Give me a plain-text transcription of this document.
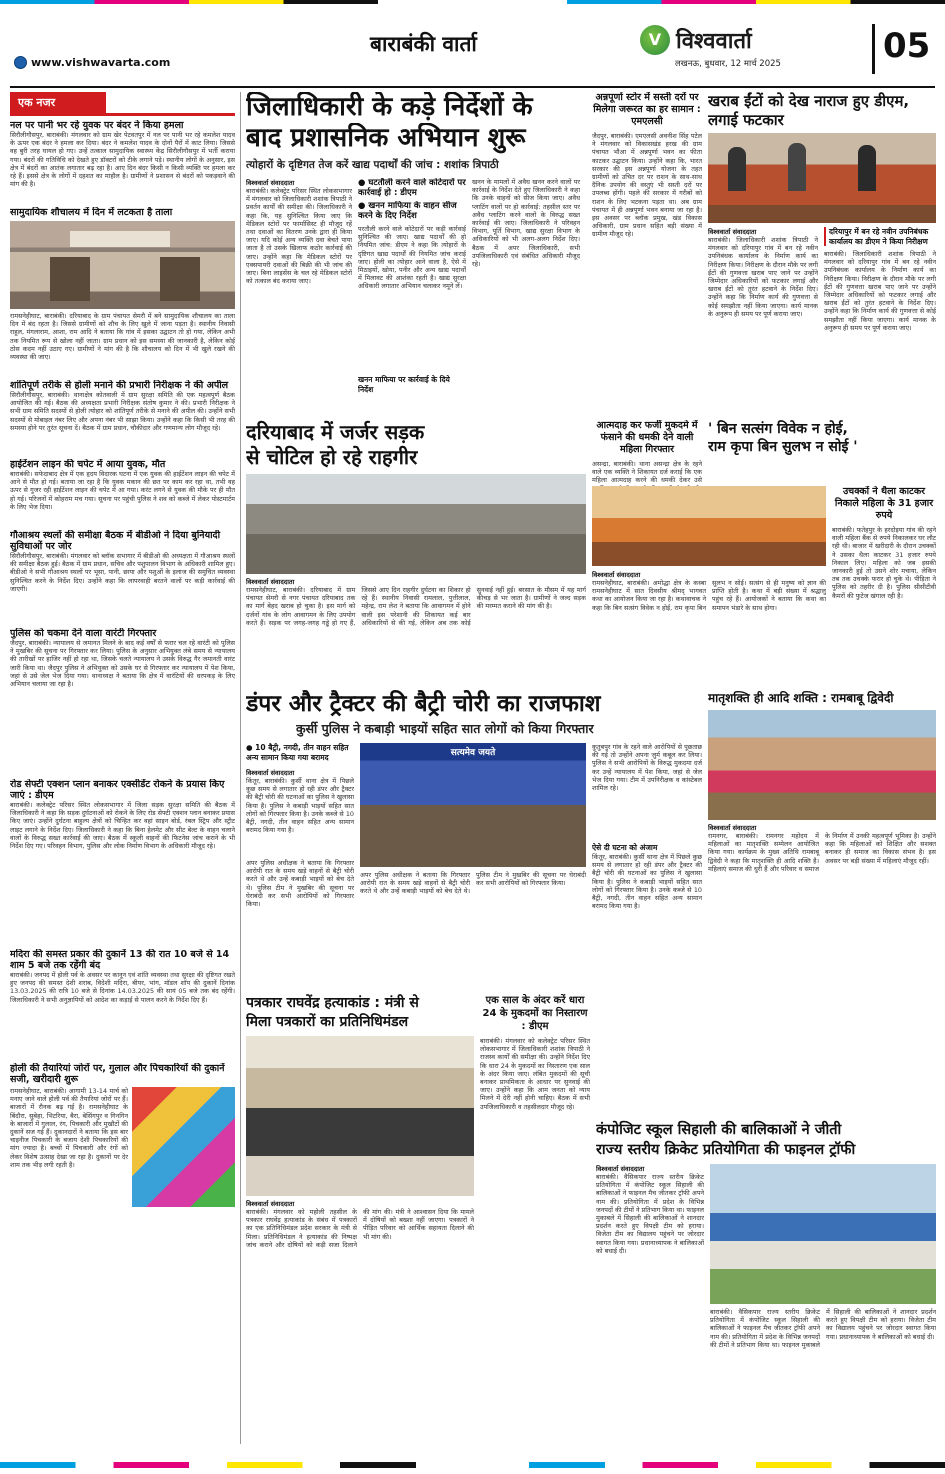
बाराबंकी वार्ता
www.vishwavarta.com
V विश्ववार्ता
लखनऊ, बुधवार, 12 मार्च 2025	05
एक नजर
नल पर पानी भर रहे युवक पर बंदर ने किया हमला
सिरौलीगौसपुर, बाराबंकी। मंगलवार को ग्राम खेर पेटवतपुर में नल पर पानी भर रहे कमलेश यादव के ऊपर एक बंदर ने हमला कर दिया। बंदर ने कमलेश यादव के दोनों पैरों में काट लिया। जिससे वह बुरी तरह घायल हो गए। उन्हें तत्काल सामुदायिक स्वास्थ्य केंद्र सिरौलीगौसपुर में भर्ती कराया गया। बंदरों की गतिविधि को देखते हुए डॉक्टरों को टीके लगाने पड़े। स्थानीय लोगों के अनुसार, इस क्षेत्र में बंदरों का आतंक लगातार बढ़ रहा है। आए दिन बंदर किसी न किसी व्यक्ति पर हमला कर रहे हैं। इससे क्षेत्र के लोगों में दहशत का माहौल है। ग्रामीणों ने प्रशासन से बंदरों को पकड़वाने की मांग की है।
सामुदायिक शौचालय में दिन में लटकता है ताला
रामसनेहीघाट, बाराबंकी। दरियाबाद के ग्राम पंचायत सेमरौ में बने सामुदायिक शौचालय का ताला दिन में बंद रहता है। जिससे ग्रामीणों को शौच के लिए खुले में जाना पड़ता है। स्थानीय निवासी राहुल, मंगलाराम, आशा, राम आदि ने बताया कि गांव में इसका उद्घाटन तो हो गया, लेकिन अभी तक नियमित रूप से खोला नहीं जाता। ग्राम प्रधान को इस समस्या की जानकारी है, लेकिन कोई ठोस कदम नहीं उठाए गए। ग्रामीणों ने मांग की है कि शौचालय को दिन में भी खुले रखने की व्यवस्था की जाए।
शांतिपूर्ण तरीके से होली मनाने की प्रभारी निरीक्षक ने की अपील
सिरौलीगौसपुर, बाराबंकी। थानाक्षेत्र कोतवाली में ग्राम सुरक्षा समिति की एक महत्वपूर्ण बैठक आयोजित की गई। बैठक की अध्यक्षता प्रभारी निरीक्षक संतोष कुमार ने की। प्रभारी निरीक्षक ने सभी ग्राम समिति सदस्यों से होली त्योहार को शांतिपूर्ण तरीके से मनाने की अपील की। उन्होंने सभी सदस्यों से मोबाइल नंबर लिए और अपना नंबर भी साझा किया। उन्होंने कहा कि किसी भी तरह की समस्या होने पर तुरंत सूचना दें। बैठक में ग्राम प्रधान, चौकीदार और गणमान्य लोग मौजूद रहे।
हाईटेंशन लाइन की चपेट में आया युवक, मौत
बाराबंकी। सफेदाबाद क्षेत्र में एक हृदय विदारक घटना में एक युवक की हाईटेंशन लाइन की चपेट में आने से मौत हो गई। बताया जा रहा है कि युवक मकान की छत पर काम कर रहा था, तभी वह ऊपर से गुजर रही हाईटेंशन लाइन की चपेट में आ गया। करंट लगने से युवक की मौके पर ही मौत हो गई। परिजनों में कोहराम मच गया। सूचना पर पहुंची पुलिस ने शव को कब्जे में लेकर पोस्टमार्टम के लिए भेज दिया।
गौआश्रय स्थलों की समीक्षा बैठक में बीडीओ ने दिया बुनियादी सुविधाओं पर जोर
सिरौलीगौसपुर, बाराबंकी। मंगलवार को ब्लॉक सभागार में बीडीओ की अध्यक्षता में गौआश्रय स्थलों की समीक्षा बैठक हुई। बैठक में ग्राम प्रधान, सचिव और पशुपालन विभाग के अधिकारी शामिल हुए। बीडीओ ने सभी गौआश्रय स्थलों पर भूसा, पानी, छाया और पशुओं के इलाज की समुचित व्यवस्था सुनिश्चित करने के निर्देश दिए। उन्होंने कहा कि लापरवाही बरतने वालों पर कड़ी कार्रवाई की जाएगी।
पुलिस को चकमा देने वाला वारंटी गिरफ्तार
जैदपुर, बाराबंकी। न्यायालय से जमानत मिलने के बाद कई वर्षों से फरार चल रहे वारंटी को पुलिस ने मुखबिर की सूचना पर गिरफ्तार कर लिया। पुलिस के अनुसार अभियुक्त लंबे समय से न्यायालय की तारीखों पर हाजिर नहीं हो रहा था, जिसके चलते न्यायालय ने उसके विरुद्ध गैर जमानती वारंट जारी किया था। जैदपुर पुलिस ने अभियुक्त को उसके घर से गिरफ्तार कर न्यायालय में पेश किया, जहां से उसे जेल भेज दिया गया। थानाध्यक्ष ने बताया कि क्षेत्र में वारंटियों की धरपकड़ के लिए अभियान चलाया जा रहा है।
रोड सेफ्टी एक्शन प्लान बनाकर एक्सीडेंट रोकने के प्रयास किए जाएं : डीएम
बाराबंकी। कलेक्ट्रेट परिसर स्थित लोकसभागार में जिला सड़क सुरक्षा समिति की बैठक में जिलाधिकारी ने कहा कि सड़क दुर्घटनाओं को रोकने के लिए रोड सेफ्टी एक्शन प्लान बनाकर प्रयास किए जाएं। उन्होंने दुर्घटना बाहुल्य क्षेत्रों को चिन्हित कर वहां साइन बोर्ड, रंबल स्ट्रिप और स्ट्रीट लाइट लगाने के निर्देश दिए। जिलाधिकारी ने कहा कि बिना हेलमेट और सीट बेल्ट के वाहन चलाने वालों के विरुद्ध सख्त कार्रवाई की जाए। बैठक में स्कूली वाहनों की फिटनेस जांच कराने के भी निर्देश दिए गए। परिवहन विभाग, पुलिस और लोक निर्माण विभाग के अधिकारी मौजूद रहे।
मदिरा की समस्त प्रकार की दुकानें 13 की रात 10 बजे से 14 शाम 5 बजे तक रहेंगी बंद
बाराबंकी। जनपद में होली पर्व के अवसर पर कानून एवं शांति व्यवस्था तथा सुरक्षा की दृष्टिगत रखते हुए जनपद की समस्त देशी शराब, विदेशी मदिरा, बीयर, भांग, मॉडल शॉप की दुकानें दिनांक 13.03.2025 की रात्रि 10 बजे से दिनांक 14.03.2025 की सायं 05 बजे तक बंद रहेंगी। जिलाधिकारी ने सभी अनुज्ञापियों को आदेश का कड़ाई से पालन करने के निर्देश दिए हैं।
होली की तैयारियां जोरों पर, गुलाल और पिचकारियों की दुकानें सजी, खरीदारी शुरू
रामसनेहीघाट, बाराबंकी। आगामी 13-14 मार्च को मनाए जाने वाले होली पर्व की तैयारियां जोरों पर हैं। बाजारों में रौनक बढ़ गई है। रामसनेहीघाट के बिंदौरा, सुबेहा, भिटरिया, बैरा, बेसिंगपुर व गिनगिन के बाजारों में गुलाल, रंग, पिचकारी और मुखौटों की दुकानें सज गई हैं। दुकानदारों ने बताया कि इस बार चाइनीज पिचकारी के बजाय देशी पिचकारियों की मांग ज्यादा है। बच्चों में पिचकारी और रंगों को लेकर विशेष उत्साह देखा जा रहा है। दुकानों पर देर शाम तक भीड़ लगी रहती है।
जिलाधिकारी के कड़े निर्देशों के
बाद प्रशासनिक अभियान शुरू
त्योहारों के दृष्टिगत तेज करें खाद्य पदार्थों की जांच : शशांक त्रिपाठी
विश्ववार्ता संवाददाता
बाराबंकी। कलेक्ट्रेट परिसर स्थित लोकसभागार में मंगलवार को जिलाधिकारी शशांक त्रिपाठी ने प्रवर्तन कार्यों की समीक्षा की। जिलाधिकारी ने कहा कि, यह सुनिश्चित किया जाए कि मेडिकल स्टोरों पर फार्मासिस्ट ही मौजूद रहें तथा दवाओं का वितरण उनके द्वारा ही किया जाए। यदि कोई अन्य व्यक्ति दवा बेचते पाया जाता है तो उसके खिलाफ कठोर कार्रवाई की जाए। उन्होंने कहा कि मेडिकल स्टोरों पर एक्सपायरी दवाओं की बिक्री की भी जांच की जाए। बिना लाइसेंस के चल रहे मेडिकल स्टोरों को तत्काल बंद कराया जाए।
● घटतौली करने वाले कोटेदारों पर कार्रवाई हो : डीएम
● खनन माफिया के वाहन सीज करने के दिए निर्देश
परतौली करने वाले कोटेदारों पर कड़ी कार्रवाई सुनिश्चित की जाए। खाद्य पदार्थों की हो नियमित जांच: डीएम ने कहा कि त्योहारों के दृष्टिगत खाद्य पदार्थों की नियमित जांच कराई जाए। होली का त्योहार आने वाला है, ऐसे में मिठाइयों, खोया, पनीर और अन्य खाद्य पदार्थों में मिलावट की आशंका रहती है। खाद्य सुरक्षा अधिकारी लगातार अभियान चलाकर नमूने लें।
खनन माफिया पर कार्रवाई के दिये निर्देश
खनन के मामलों में अवैध खनन करने वालों पर कार्रवाई के निर्देश देते हुए जिलाधिकारी ने कहा कि उनके वाहनों को सीज किया जाए। अवैध प्लाटिंग वालों पर हो कार्रवाई: तहसील स्तर पर अवैध प्लाटिंग करने वालों के विरुद्ध सख्त कार्रवाई की जाए। जिलाधिकारी ने परिवहन विभाग, पूर्ति विभाग, खाद्य सुरक्षा विभाग के अधिकारियों को भी अलग-अलग निर्देश दिए। बैठक में अपर जिलाधिकारी, सभी उपजिलाधिकारी एवं संबंधित अधिकारी मौजूद रहे।
अन्नपूर्णा स्टोर में सस्ती दरों पर मिलेगा जरूरत का हर सामान : एमएलसी
जैदपुर, बाराबंकी। एमएलसी अवनीश सिंह पटेल ने मंगलवार को विकासखंड हरख की ग्राम पंचायत भौआ में अन्नपूर्णा भवन का फीता काटकर उद्घाटन किया। उन्होंने कहा कि, भारत सरकार की इस अन्नपूर्णा योजना के तहत ग्रामीणों को उचित दर पर राशन के साथ-साथ दैनिक उपयोग की वस्तुएं भी सस्ती दरों पर उपलब्ध होंगी। पहले की सरकार में गरीबों को राशन के लिए भटकना पड़ता था। अब ग्राम पंचायत में ही अन्नपूर्णा भवन बनाया जा रहा है। इस अवसर पर ब्लॉक प्रमुख, खंड विकास अधिकारी, ग्राम प्रधान सहित बड़ी संख्या में ग्रामीण मौजूद रहे।
खराब ईंटों को देख नाराज हुए डीएम, लगाई फटकार
विश्ववार्ता संवाददाता
बाराबंकी। जिलाधिकारी शशांक त्रिपाठी ने मंगलवार को दरियापुर गांव में बन रहे नवीन उपनिबंधक कार्यालय के निर्माण कार्य का निरीक्षण किया। निरीक्षण के दौरान मौके पर लगी ईंटों की गुणवत्ता खराब पाए जाने पर उन्होंने जिम्मेदार अधिकारियों को फटकार लगाई और खराब ईंटों को तुरंत हटवाने के निर्देश दिए। उन्होंने कहा कि निर्माण कार्य की गुणवत्ता से कोई समझौता नहीं किया जाएगा। कार्य मानक के अनुरूप ही समय पर पूर्ण कराया जाए।
दरियापुर में बन रहे नवीन उपनिबंधक कार्यालय का डीएम ने किया निरीक्षण
बाराबंकी। जिलाधिकारी शशांक त्रिपाठी ने मंगलवार को दरियापुर गांव में बन रहे नवीन उपनिबंधक कार्यालय के निर्माण कार्य का निरीक्षण किया। निरीक्षण के दौरान मौके पर लगी ईंटों की गुणवत्ता खराब पाए जाने पर उन्होंने जिम्मेदार अधिकारियों को फटकार लगाई और खराब ईंटों को तुरंत हटवाने के निर्देश दिए। उन्होंने कहा कि निर्माण कार्य की गुणवत्ता से कोई समझौता नहीं किया जाएगा। कार्य मानक के अनुरूप ही समय पर पूर्ण कराया जाए।
दरियाबाद में जर्जर सड़क
से चोटिल हो रहे राहगीर
विश्ववार्ता संवाददाता
रामसनेहीघाट, बाराबंकी। दरियाबाद में ग्राम पंचायत सेमरौ से नगर पंचायत दरियाबाद तक का मार्ग बेहद खराब हो चुका है। इस मार्ग को दर्जनों गांव के लोग आवागमन के लिए उपयोग करते हैं। सड़क पर जगह-जगह गड्ढे हो गए हैं, जिससे आए दिन राहगीर दुर्घटना का शिकार हो रहे हैं। स्थानीय निवासी रामलाल, पुत्तीलाल, महेन्द्र, राम लेश ने बताया कि आवागमन में होने वाली इस परेशानी की शिकायत कई बार अधिकारियों से की गई, लेकिन अब तक कोई सुनवाई नहीं हुई। बरसात के मौसम में यह मार्ग कीचड़ से भर जाता है। ग्रामीणों ने जल्द सड़क की मरम्मत कराने की मांग की है।
आत्मदाह कर फर्जी मुकदमे में फंसाने की धमकी देने वाली महिला गिरफ्तार
असन्द्रा, बाराबंकी। थाना असन्द्रा क्षेत्र के रहने वाले एक व्यक्ति ने शिकायत दर्ज कराई कि एक महिला आत्मदाह करने की धमकी देकर उसे
' बिन सत्संग विवेक न होई,
राम कृपा बिन सुलभ न सोई '
विश्ववार्ता संवाददाता
रामसनेहीघाट, बाराबंकी। अमोद्धा क्षेत्र के कस्बा रामसनेहीघाट में सात दिवसीय श्रीमद् भागवत कथा का आयोजन किया जा रहा है। कथावाचक ने कहा कि बिन सत्संग विवेक न होई, राम कृपा बिन सुलभ न सोई। सत्संग से ही मनुष्य को ज्ञान की प्राप्ति होती है। कथा में बड़ी संख्या में श्रद्धालु पहुंच रहे हैं। आयोजकों ने बताया कि कथा का समापन भंडारे के साथ होगा।
उचक्कों ने थैला काटकर निकाले महिला के 31 हजार रुपये
बाराबंकी। फतेहपुर के हरदोइया गांव की रहने वाली महिला बैंक से रुपये निकालकर घर लौट रही थी। बाजार में खरीदारी के दौरान उचक्कों ने उसका थैला काटकर 31 हजार रुपये निकाल लिए। महिला को जब इसकी जानकारी हुई तो उसने शोर मचाया, लेकिन तब तक उचक्के फरार हो चुके थे। पीड़िता ने पुलिस को तहरीर दी है। पुलिस सीसीटीवी कैमरों की फुटेज खंगाल रही है।
मातृशक्ति ही आदि शक्ति : रामबाबू द्विवेदी
विश्ववार्ता संवाददाता
रामनगर, बाराबंकी। रामनगर महोदय में महिलाओं का मातृशक्ति सम्मेलन आयोजित किया गया। कार्यक्रम के मुख्य अतिथि रामबाबू द्विवेदी ने कहा कि मातृशक्ति ही आदि शक्ति है। महिलाएं समाज की धुरी हैं और परिवार व समाज के निर्माण में उनकी महत्वपूर्ण भूमिका है। उन्होंने कहा कि महिलाओं को शिक्षित और सशक्त बनाकर ही समाज का विकास संभव है। इस अवसर पर बड़ी संख्या में महिलाएं मौजूद रहीं।
डंपर और ट्रैक्टर की बैट्री चोरी का राजफाश
कुर्सी पुलिस ने कबाड़ी भाइयों सहित सात लोगों को किया गिरफ्तार
● 10 बैट्री, नगदी, तीन वाहन सहित अन्य सामान किया गया बरामद
विश्ववार्ता संवाददाता
किंतूर, बाराबंकी। कुर्सी थाना क्षेत्र में पिछले कुछ समय से लगातार हो रही डंपर और ट्रैक्टर की बैट्री चोरी की घटनाओं का पुलिस ने खुलासा किया है। पुलिस ने कबाड़ी भाइयों सहित सात लोगों को गिरफ्तार किया है। उनके कब्जे से 10 बैट्री, नगदी, तीन वाहन सहित अन्य सामान बरामद किया गया है।
अपर पुलिस अधीक्षक ने बताया कि गिरफ्तार आरोपी रात के समय खड़े वाहनों से बैट्री चोरी करते थे और उन्हें कबाड़ी भाइयों को बेच देते थे। पुलिस टीम ने मुखबिर की सूचना पर घेराबंदी कर सभी आरोपियों को गिरफ्तार किया।
सत्यमेव जयते
अपर पुलिस अधीक्षक ने बताया कि गिरफ्तार आरोपी रात के समय खड़े वाहनों से बैट्री चोरी करते थे और उन्हें कबाड़ी भाइयों को बेच देते थे। पुलिस टीम ने मुखबिर की सूचना पर घेराबंदी कर सभी आरोपियों को गिरफ्तार किया।
कुतुबपुर गांव के रहने वाले आरोपियों से पूछताछ की गई तो उन्होंने अपना जुर्म कबूल कर लिया। पुलिस ने सभी आरोपियों के विरुद्ध मुकदमा दर्ज कर उन्हें न्यायालय में पेश किया, जहां से जेल भेज दिया गया। टीम में उपनिरीक्षक व कांस्टेबल शामिल रहे।
ऐसे दी घटना को अंजाम
किंतूर, बाराबंकी। कुर्सी थाना क्षेत्र में पिछले कुछ समय से लगातार हो रही डंपर और ट्रैक्टर की बैट्री चोरी की घटनाओं का पुलिस ने खुलासा किया है। पुलिस ने कबाड़ी भाइयों सहित सात लोगों को गिरफ्तार किया है। उनके कब्जे से 10 बैट्री, नगदी, तीन वाहन सहित अन्य सामान बरामद किया गया है।
पत्रकार राघवेंद्र हत्याकांड : मंत्री से
मिला पत्रकारों का प्रतिनिधिमंडल
विश्ववार्ता संवाददाता
बाराबंकी। मंगलवार को महोली तहसील के पत्रकार राघवेंद्र हत्याकांड के संबंध में पत्रकारों का एक प्रतिनिधिमंडल प्रदेश सरकार के मंत्री से मिला। प्रतिनिधिमंडल ने हत्याकांड की निष्पक्ष जांच कराने और दोषियों को कड़ी सजा दिलाने की मांग की। मंत्री ने आश्वासन दिया कि मामले में दोषियों को बख्शा नहीं जाएगा। पत्रकारों ने पीड़ित परिवार को आर्थिक सहायता दिलाने की भी मांग की।
एक साल के अंदर करें धारा 24 के मुकदमों का निस्तारण : डीएम
बाराबंकी। मंगलवार को कलेक्ट्रेट परिसर स्थित लोकसभागार में जिलाधिकारी शशांक त्रिपाठी ने राजस्व कार्यों की समीक्षा की। उन्होंने निर्देश दिए कि धारा 24 के मुकदमों का निस्तारण एक साल के अंदर किया जाए। लंबित मुकदमों की सूची बनाकर प्राथमिकता के आधार पर सुनवाई की जाए। उन्होंने कहा कि आम जनता को न्याय मिलने में देरी नहीं होनी चाहिए। बैठक में सभी उपजिलाधिकारी व तहसीलदार मौजूद रहे।
कंपोजिट स्कूल सिहाली की बालिकाओं ने जीती
राज्य स्तरीय क्रिकेट प्रतियोगिता की फाइनल ट्रॉफी
विश्ववार्ता संवाददाता
बाराबंकी। वैसिकपार राज्य स्तरीय क्रिकेट प्रतियोगिता में कंपोजिट स्कूल सिहाली की बालिकाओं ने फाइनल मैच जीतकर ट्रॉफी अपने नाम की। प्रतियोगिता में प्रदेश के विभिन्न जनपदों की टीमों ने प्रतिभाग किया था। फाइनल मुकाबले में सिहाली की बालिकाओं ने शानदार प्रदर्शन करते हुए विपक्षी टीम को हराया। विजेता टीम का विद्यालय पहुंचने पर जोरदार स्वागत किया गया। प्रधानाध्यापक ने बालिकाओं को बधाई दी।
बाराबंकी। वैसिकपार राज्य स्तरीय क्रिकेट प्रतियोगिता में कंपोजिट स्कूल सिहाली की बालिकाओं ने फाइनल मैच जीतकर ट्रॉफी अपने नाम की। प्रतियोगिता में प्रदेश के विभिन्न जनपदों की टीमों ने प्रतिभाग किया था। फाइनल मुकाबले में सिहाली की बालिकाओं ने शानदार प्रदर्शन करते हुए विपक्षी टीम को हराया। विजेता टीम का विद्यालय पहुंचने पर जोरदार स्वागत किया गया। प्रधानाध्यापक ने बालिकाओं को बधाई दी।
